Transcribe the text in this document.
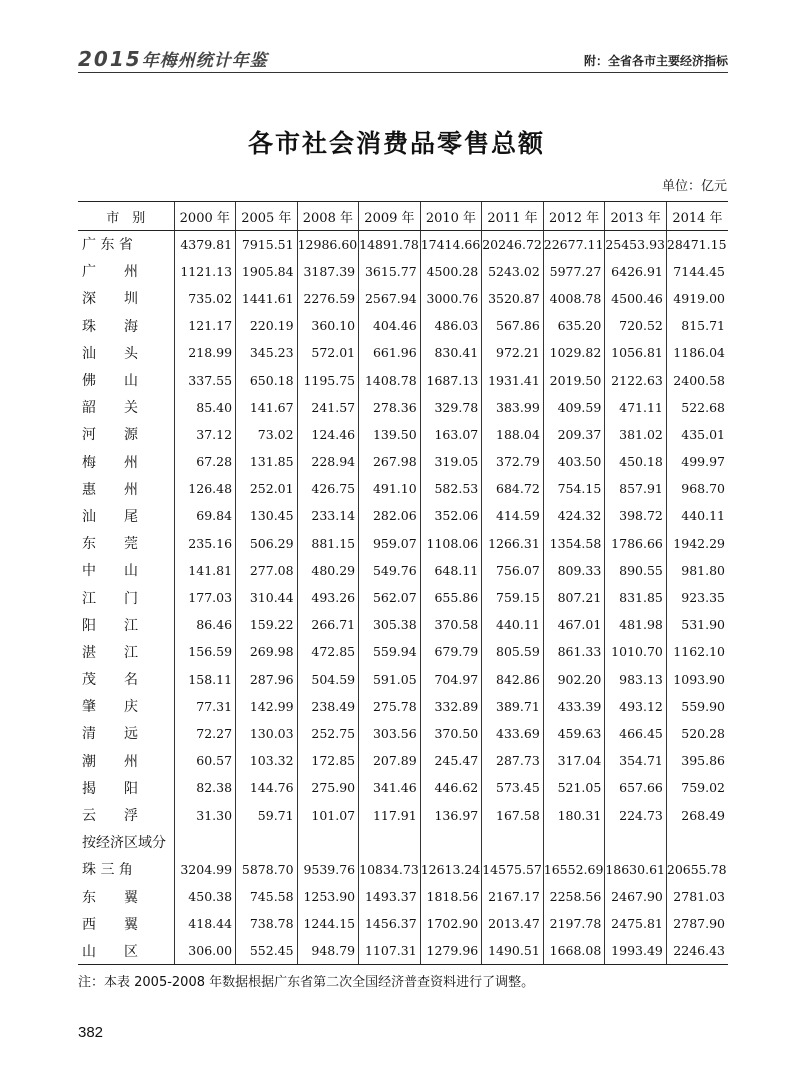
2015年梅州统计年鉴	附：全省各市主要经济指标
各市社会消费品零售总额
单位：亿元
市　别	2000 年	2005 年	2008 年	2009 年	2010 年	2011 年	2012 年	2013 年	2014 年
广 东 省	4379.81	7915.51	12986.60	14891.78	17414.66	20246.72	22677.11	25453.93	28471.15
广　　州	1121.13	1905.84	3187.39	3615.77	4500.28	5243.02	5977.27	6426.91	7144.45
深　　圳	735.02	1441.61	2276.59	2567.94	3000.76	3520.87	4008.78	4500.46	4919.00
珠　　海	121.17	220.19	360.10	404.46	486.03	567.86	635.20	720.52	815.71
汕　　头	218.99	345.23	572.01	661.96	830.41	972.21	1029.82	1056.81	1186.04
佛　　山	337.55	650.18	1195.75	1408.78	1687.13	1931.41	2019.50	2122.63	2400.58
韶　　关	85.40	141.67	241.57	278.36	329.78	383.99	409.59	471.11	522.68
河　　源	37.12	73.02	124.46	139.50	163.07	188.04	209.37	381.02	435.01
梅　　州	67.28	131.85	228.94	267.98	319.05	372.79	403.50	450.18	499.97
惠　　州	126.48	252.01	426.75	491.10	582.53	684.72	754.15	857.91	968.70
汕　　尾	69.84	130.45	233.14	282.06	352.06	414.59	424.32	398.72	440.11
东　　莞	235.16	506.29	881.15	959.07	1108.06	1266.31	1354.58	1786.66	1942.29
中　　山	141.81	277.08	480.29	549.76	648.11	756.07	809.33	890.55	981.80
江　　门	177.03	310.44	493.26	562.07	655.86	759.15	807.21	831.85	923.35
阳　　江	86.46	159.22	266.71	305.38	370.58	440.11	467.01	481.98	531.90
湛　　江	156.59	269.98	472.85	559.94	679.79	805.59	861.33	1010.70	1162.10
茂　　名	158.11	287.96	504.59	591.05	704.97	842.86	902.20	983.13	1093.90
肇　　庆	77.31	142.99	238.49	275.78	332.89	389.71	433.39	493.12	559.90
清　　远	72.27	130.03	252.75	303.56	370.50	433.69	459.63	466.45	520.28
潮　　州	60.57	103.32	172.85	207.89	245.47	287.73	317.04	354.71	395.86
揭　　阳	82.38	144.76	275.90	341.46	446.62	573.45	521.05	657.66	759.02
云　　浮	31.30	59.71	101.07	117.91	136.97	167.58	180.31	224.73	268.49
按经济区域分									
珠 三 角	3204.99	5878.70	9539.76	10834.73	12613.24	14575.57	16552.69	18630.61	20655.78
东　　翼	450.38	745.58	1253.90	1493.37	1818.56	2167.17	2258.56	2467.90	2781.03
西　　翼	418.44	738.78	1244.15	1456.37	1702.90	2013.47	2197.78	2475.81	2787.90
山　　区	306.00	552.45	948.79	1107.31	1279.96	1490.51	1668.08	1993.49	2246.43
注：本表 2005-2008 年数据根据广东省第二次全国经济普查资料进行了调整。
382
